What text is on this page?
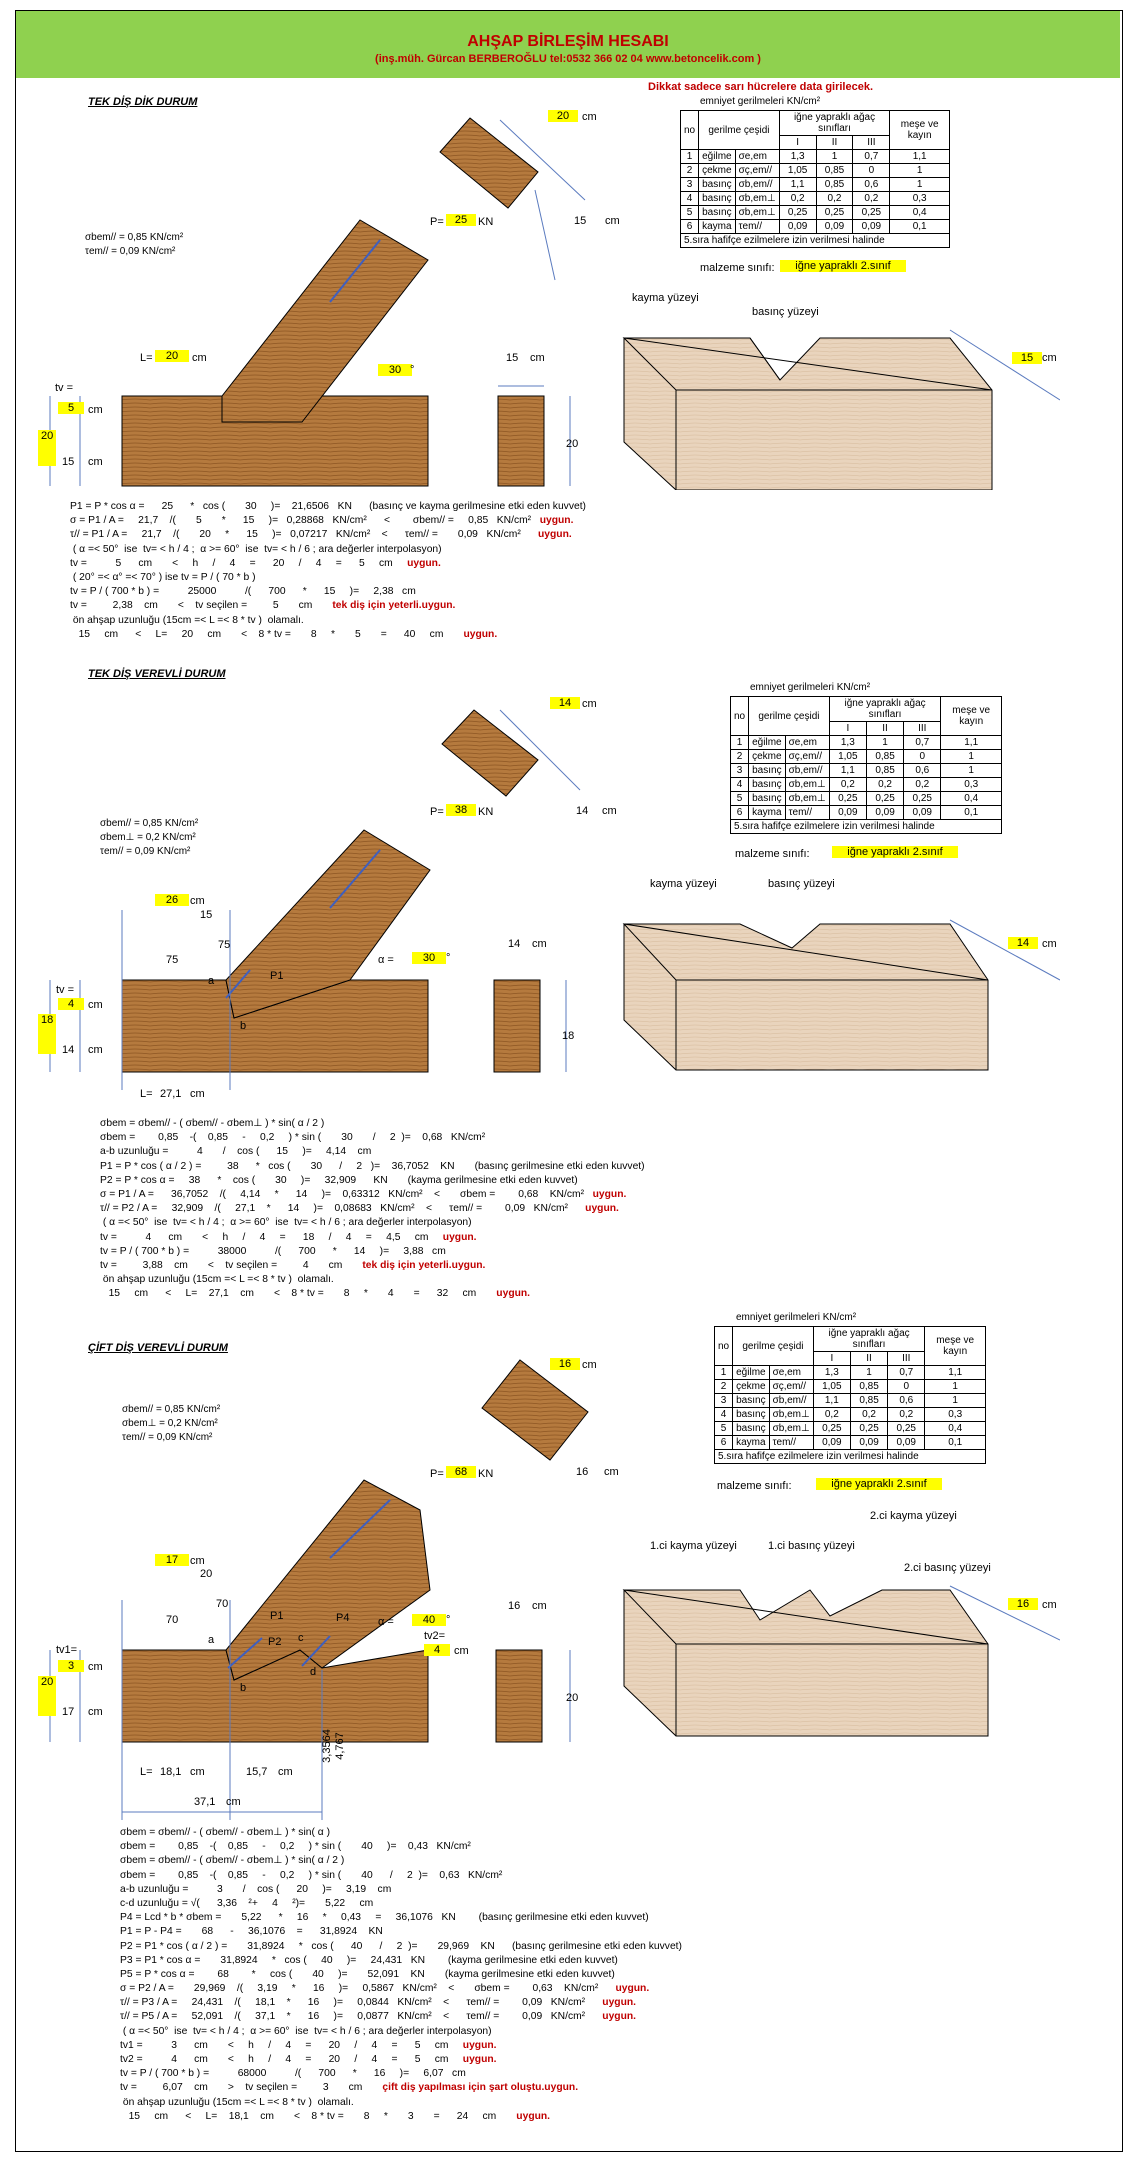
AHŞAP BİRLEŞİM HESABI
(inş.müh. Gürcan BERBEROĞLU tel:0532 366 02 04 www.betoncelik.com )
Dikkat sadece sarı hücrelere data girilecek.
TEK DİŞ DİK DURUM	emniyet gerilmeleri KN/cm²
no	gerilme çeşidi		iğne yapraklı ağaç sınıfları			meşe ve kayın
			I	II	III	
1	eğilme	σe,em	1,3	1	0,7	1,1
2	çekme	σç,em//	1,05	0,85	0	1
3	basınç	σb,em//	1,1	0,85	0,6	1
4	basınç	σb,em⊥	0,2	0,2	0,2	0,3
5	basınç	σb,em⊥	0,25	0,25	0,25	0,4
6	kayma	τem//	0,09	0,09	0,09	0,1
5.sıra hafifçe ezilmelere izin verilmesi halinde						
malzeme sınıfı:	iğne yapraklı 2.sınıf
σbem// = 0,85 KN/cm²
τem// = 0,09 KN/cm²
20	cm
15 cm
P=	25 KN
L=	20	cm
30 °
tv =
5	cm
20
15 cm
15 cm
20
kayma yüzeyi
basınç yüzeyi
15 cm
P1 = P * cos α =      25      *   cos (       30     )=    21,6506   KN      (basınç ve kayma gerilmesine etki eden kuvvet)
σ = P1 / A =     21,7    /(       5       *      15     )=   0,28868   KN/cm²      <        σbem// =     0,85   KN/cm²   uygun.
τ// = P1 / A =     21,7    /(       20     *      15     )=   0,07217   KN/cm²    <      τem// =       0,09   KN/cm²      uygun.
( α =< 50°  ise  tv= < h / 4 ;  α >= 60°  ise  tv= < h / 6 ; ara değerler interpolasyon)
tv =          5      cm       <     h     /     4     =      20     /     4     =      5     cm     uygun.
( 20° =< α° =< 70° ) ise tv = P / ( 70 * b )
tv = P / ( 700 * b ) =          25000          /(      700      *      15     )=     2,38   cm
tv =         2,38    cm       <    tv seçilen =         5       cm       tek diş için yeterli.uygun.
ön ahşap uzunluğu (15cm =< L =< 8 * tv )  olamalı.
15     cm      <     L=     20     cm       <    8 * tv =       8     *       5       =      40     cm       uygun.
TEK DİŞ VEREVLİ DURUM
emniyet gerilmeleri KN/cm²
no	gerilme çeşidi		iğne yapraklı ağaç sınıfları			meşe ve kayın
			I	II	III	
1	eğilme	σe,em	1,3	1	0,7	1,1
2	çekme	σç,em//	1,05	0,85	0	1
3	basınç	σb,em//	1,1	0,85	0,6	1
4	basınç	σb,em⊥	0,2	0,2	0,2	0,3
5	basınç	σb,em⊥	0,25	0,25	0,25	0,4
6	kayma	τem//	0,09	0,09	0,09	0,1
5.sıra hafifçe ezilmelere izin verilmesi halinde						
malzeme sınıfı:	iğne yapraklı 2.sınıf
σbem// = 0,85 KN/cm²
σbem⊥ = 0,2 KN/cm²
τem// = 0,09 KN/cm²
14 cm
14 cm
P=	38 KN
26	cm
15
75
75
a
b
P1
α =	30 °
tv =
4	cm
18
14 cm
L= 27,1 cm
14 cm
18
kayma yüzeyi	basınç yüzeyi
14	cm
σbem = σbem// - ( σbem// - σbem⊥ ) * sin( α / 2 )
σbem =        0,85    -(    0,85     -     0,2     ) * sin (       30       /     2  )=    0,68   KN/cm²
a-b uzunluğu =          4       /    cos (      15     )=     4,14    cm
P1 = P * cos ( α / 2 ) =         38      *   cos (       30      /     2   )=    36,7052    KN       (basınç gerilmesine etki eden kuvvet)
P2 = P * cos α =     38      *    cos (       30     )=     32,909      KN       (kayma gerilmesine etki eden kuvvet)
σ = P1 / A =      36,7052    /(     4,14     *      14     )=    0,63312   KN/cm²    <       σbem =        0,68    KN/cm²   uygun.
τ// = P2 / A =     32,909    /(     27,1    *      14     )=    0,08683   KN/cm²    <      τem// =        0,09   KN/cm²      uygun.
( α =< 50°  ise  tv= < h / 4 ;  α >= 60°  ise  tv= < h / 6 ; ara değerler interpolasyon)
tv =          4      cm       <     h     /     4     =      18     /     4     =     4,5     cm     uygun.
tv = P / ( 700 * b ) =          38000          /(      700      *      14     )=     3,88   cm
tv =         3,88    cm       <    tv seçilen =         4       cm       tek diş için yeterli.uygun.
ön ahşap uzunluğu (15cm =< L =< 8 * tv )  olamalı.
15     cm      <     L=    27,1    cm       <    8 * tv =       8     *       4       =      32     cm       uygun.
ÇİFT DİŞ VEREVLİ DURUM
emniyet gerilmeleri KN/cm²
no	gerilme çeşidi		iğne yapraklı ağaç sınıfları			meşe ve kayın
			I	II	III	
1	eğilme	σe,em	1,3	1	0,7	1,1
2	çekme	σç,em//	1,05	0,85	0	1
3	basınç	σb,em//	1,1	0,85	0,6	1
4	basınç	σb,em⊥	0,2	0,2	0,2	0,3
5	basınç	σb,em⊥	0,25	0,25	0,25	0,4
6	kayma	τem//	0,09	0,09	0,09	0,1
5.sıra hafifçe ezilmelere izin verilmesi halinde						
malzeme sınıfı:	iğne yapraklı 2.sınıf
σbem// = 0,85 KN/cm²
σbem⊥ = 0,2 KN/cm²
τem// = 0,09 KN/cm²
16 cm
16 cm
P=	68 KN
17	cm
20
70
70
a
b
c
d
P1
P2
P4	α =	40 °
tv2=
4	cm
tv1=
3	cm
20
17 cm
3,3564 4,767
L= 18,1 cm	15,7 cm
37,1 cm
16 cm
20
1.ci kayma yüzeyi	1.ci basınç yüzeyi
2.ci kayma yüzeyi
2.ci basınç yüzeyi
16	cm
σbem = σbem// - ( σbem// - σbem⊥ ) * sin( α )
σbem =        0,85    -(    0,85     -     0,2     ) * sin (       40     )=    0,43   KN/cm²
σbem = σbem// - ( σbem// - σbem⊥ ) * sin( α / 2 )
σbem =        0,85    -(    0,85     -     0,2     ) * sin (       40      /     2  )=    0,63   KN/cm²
a-b uzunluğu =          3       /    cos (      20     )=     3,19    cm
c-d uzunluğu = √(      3,36    ²+     4     ²)=       5,22     cm
P4 = Lcd * b * σbem =       5,22      *     16     *     0,43     =     36,1076   KN        (basınç gerilmesine etki eden kuvvet)
P1 = P - P4 =       68      -     36,1076    =      31,8924    KN
P2 = P1 * cos ( α / 2 ) =       31,8924     *   cos (      40      /     2  )=       29,969    KN      (basınç gerilmesine etki eden kuvvet)
P3 = P1 * cos α =       31,8924     *   cos (     40     )=     24,431   KN        (kayma gerilmesine etki eden kuvvet)
P5 = P * cos α =        68        *     cos (       40     )=       52,091    KN       (kayma gerilmesine etki eden kuvvet)
σ = P2 / A =       29,969    /(     3,19     *      16     )=     0,5867   KN/cm²    <       σbem =        0,63    KN/cm²      uygun.
τ// = P3 / A =     24,431    /(     18,1    *      16     )=     0,0844   KN/cm²    <      τem// =        0,09   KN/cm²      uygun.
τ// = P5 / A =     52,091    /(     37,1    *      16     )=     0,0877   KN/cm²    <      τem// =        0,09   KN/cm²      uygun.
( α =< 50°  ise  tv= < h / 4 ;  α >= 60°  ise  tv= < h / 6 ; ara değerler interpolasyon)
tv1 =          3      cm       <     h     /     4     =      20     /     4     =      5     cm     uygun.
tv2 =          4      cm       <     h     /     4     =      20     /     4     =      5     cm     uygun.
tv = P / ( 700 * b ) =          68000          /(      700      *      16     )=     6,07   cm
tv =         6,07    cm       >    tv seçilen =         3       cm       çift diş yapılması için şart oluştu.uygun.
ön ahşap uzunluğu (15cm =< L =< 8 * tv )  olamalı.
15     cm      <     L=    18,1    cm       <    8 * tv =       8     *       3       =      24     cm       uygun.
